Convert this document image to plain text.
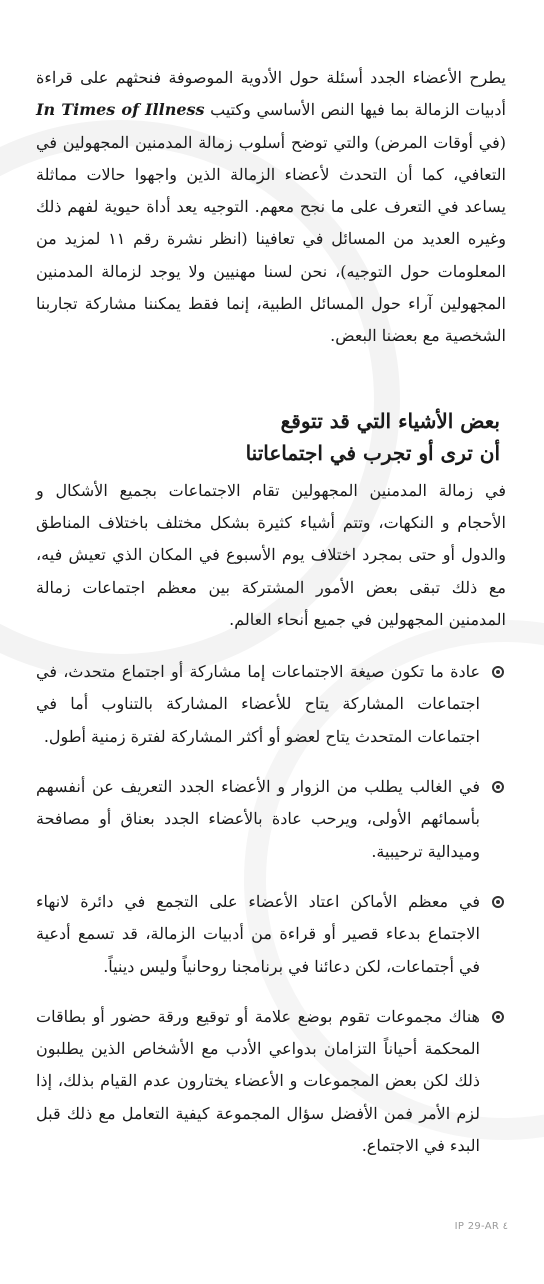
يطرح الأعضاء الجدد أسئلة حول الأدوية الموصوفة فنحثهم على قراءة أدبيات الزمالة بما فيها النص الأساسي وكتيب In Times of Illness (في أوقات المرض) والتي توضح أسلوب زمالة المدمنين المجهولين في التعافي، كما أن التحدث لأعضاء الزمالة الذين واجهوا حالات مماثلة يساعد في التعرف على ما نجح معهم. التوجيه يعد أداة حيوية لفهم ذلك وغيره العديد من المسائل في تعافينا (انظر نشرة رقم ١١ لمزيد من المعلومات حول التوجيه)، نحن لسنا مهنيين ولا يوجد لزمالة المدمنين المجهولين آراء حول المسائل الطبية، إنما فقط يمكننا مشاركة تجاربنا الشخصية مع بعضنا البعض.

بعض الأشياء التي قد تتوقع
أن ترى أو تجرب في اجتماعاتنا

في زمالة المدمنين المجهولين تقام الاجتماعات بجميع الأشكال و الأحجام و النكهات، وتتم أشياء كثيرة بشكل مختلف باختلاف المناطق والدول أو حتى بمجرد اختلاف يوم الأسبوع في المكان الذي تعيش فيه، مع ذلك تبقى بعض الأمور المشتركة بين معظم اجتماعات زمالة المدمنين المجهولين في جميع أنحاء العالم.

عادة ما تكون صيغة الاجتماعات إما مشاركة أو اجتماع متحدث، في اجتماعات المشاركة يتاح للأعضاء المشاركة بالتناوب أما في اجتماعات المتحدث يتاح لعضو أو أكثر المشاركة لفترة زمنية أطول.

في الغالب يطلب من الزوار و الأعضاء الجدد التعريف عن أنفسهم بأسمائهم الأولى، ويرحب عادة بالأعضاء الجدد بعناق أو مصافحة وميدالية ترحيبية.

في معظم الأماكن اعتاد الأعضاء على التجمع في دائرة لانهاء الاجتماع بدعاء قصير أو قراءة من أدبيات الزمالة، قد تسمع أدعية في أجتماعات، لكن دعائنا في برنامجنا روحانياً وليس دينياً.

هناك مجموعات تقوم بوضع علامة أو توقيع ورقة حضور أو بطاقات المحكمة أحياناً التزامان بدواعي الأدب مع الأشخاص الذين يطلبون ذلك لكن بعض المجموعات و الأعضاء يختارون عدم القيام بذلك، إذا لزم الأمر فمن الأفضل سؤال المجموعة كيفية التعامل مع ذلك قبل البدء في الاجتماع.

IP 29-AR ٤
